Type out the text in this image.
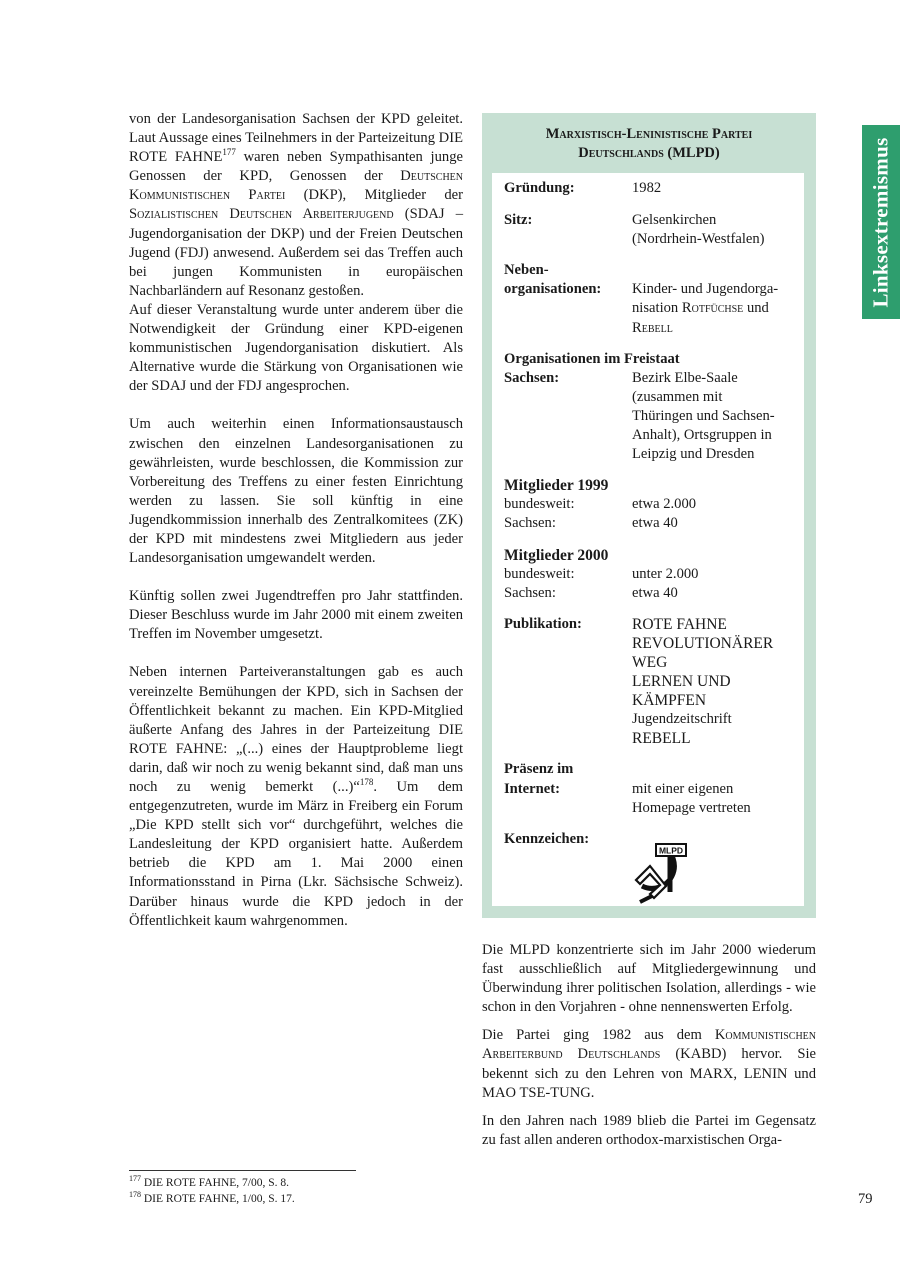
Linksextremismus

von der Landesorganisation Sachsen der KPD geleitet. Laut Aussage eines Teilnehmers in der Parteizeitung DIE ROTE FAHNE$^{177}$ waren neben Sympathisanten junge Genossen der KPD, Genossen der Deutschen Kommunistischen Partei (DKP), Mitglieder der Sozialistischen Deutschen Arbeiterjugend (SDAJ – Jugendorganisation der DKP) und der Freien Deutschen Jugend (FDJ) anwesend. Außerdem sei das Treffen auch bei jungen Kommunisten in europäischen Nachbarländern auf Resonanz gestoßen.

Auf dieser Veranstaltung wurde unter anderem über die Notwendigkeit der Gründung einer KPD-eigenen kommunistischen Jugendorganisation diskutiert. Als Alternative wurde die Stärkung von Organisationen wie der SDAJ und der FDJ angesprochen.

Um auch weiterhin einen Informationsaustausch zwischen den einzelnen Landesorganisationen zu gewährleisten, wurde beschlossen, die Kommission zur Vorbereitung des Treffens zu einer festen Einrichtung werden zu lassen. Sie soll künftig in eine Jugendkommission innerhalb des Zentralkomitees (ZK) der KPD mit mindestens zwei Mitgliedern aus jeder Landesorganisation umgewandelt werden.

Künftig sollen zwei Jugendtreffen pro Jahr stattfinden. Dieser Beschluss wurde im Jahr 2000 mit einem zweiten Treffen im November umgesetzt.

Neben internen Parteiveranstaltungen gab es auch vereinzelte Bemühungen der KPD, sich in Sachsen der Öffentlichkeit bekannt zu machen. Ein KPD-Mitglied äußerte Anfang des Jahres in der Parteizeitung DIE ROTE FAHNE: „(...) eines der Hauptprobleme liegt darin, daß wir noch zu wenig bekannt sind, daß man uns noch zu wenig bemerkt (...)“$^{178}$. Um dem entgegenzutreten, wurde im März in Freiberg ein Forum „Die KPD stellt sich vor“ durchgeführt, welches die Landesleitung der KPD organisiert hatte. Außerdem betrieb die KPD am 1. Mai 2000 einen Informationsstand in Pirna (Lkr. Sächsische Schweiz). Darüber hinaus wurde die KPD jedoch in der Öffentlichkeit kaum wahrgenommen.

Marxistisch-Leninistische Partei
Deutschlands (MLPD)
Gründung:	1982
Sitz:	Gelsenkirchen
(Nordrhein-Westfalen)
Neben-
organisationen:
	Kinder- und Jugendorga-
nisation Rotfüchse und
Rebell
Organisationen im Freistaat
Sachsen:	Bezirk Elbe-Saale
(zusammen mit
Thüringen und Sachsen-
Anhalt), Ortsgruppen in
Leipzig und Dresden
Mitglieder 1999
bundesweit:	etwa 2.000
Sachsen:	etwa 40
Mitglieder 2000
bundesweit:	unter 2.000
Sachsen:	etwa 40
Publikation:	ROTE FAHNE
REVOLUTIONÄRER
WEG
LERNEN UND
KÄMPFEN
Jugendzeitschrift
REBELL
Präsenz im
Internet:
	mit einer eigenen
Homepage vertreten
Kennzeichen:
MLPD

Die MLPD konzentrierte sich im Jahr 2000 wiederum fast ausschließlich auf Mitgliedergewinnung und Überwindung ihrer politischen Isolation, allerdings - wie schon in den Vorjahren - ohne nennenswerten Erfolg.

Die Partei ging 1982 aus dem Kommunistischen Arbeiterbund Deutschlands (KABD) hervor. Sie bekennt sich zu den Lehren von MARX, LENIN und MAO TSE-TUNG.

In den Jahren nach 1989 blieb die Partei im Gegensatz zu fast allen anderen orthodox-marxistischen Orga-

$^{177}$ DIE ROTE FAHNE, 7/00, S. 8.
$^{178}$ DIE ROTE FAHNE, 1/00, S. 17.	79
